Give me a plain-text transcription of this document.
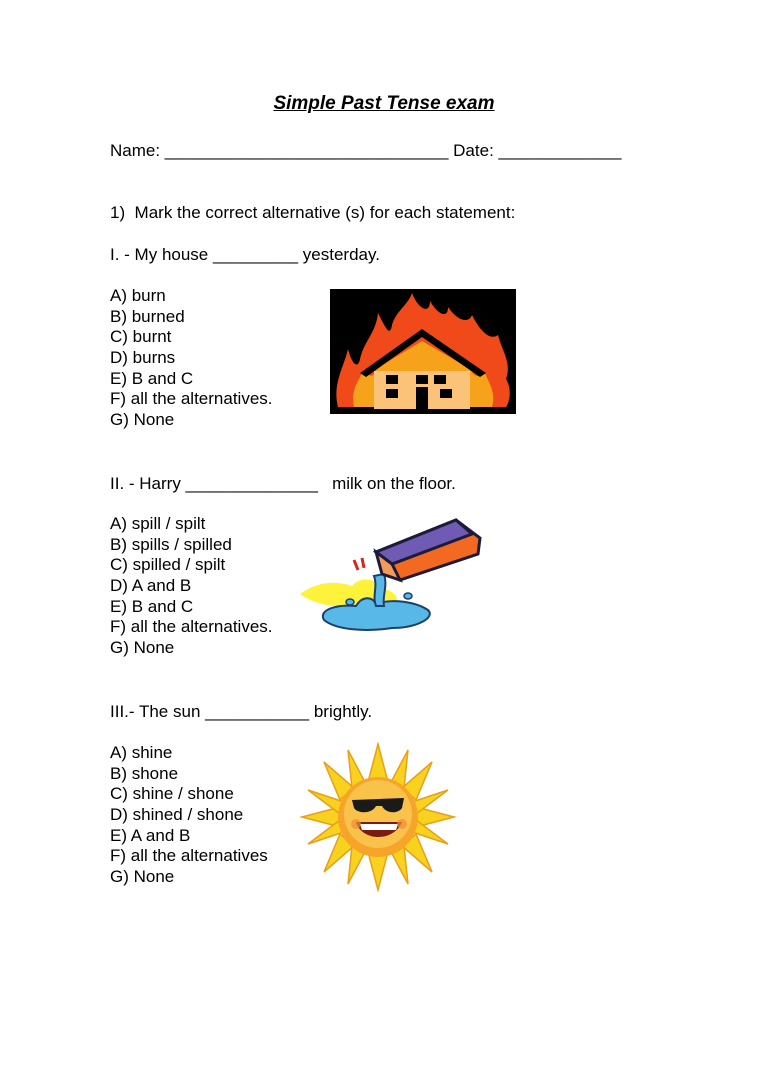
Simple Past Tense exam
Name: ______________________________ Date: _____________
1)  Mark the correct alternative (s) for each statement:
I. - My house _________ yesterday.
A) burn
B) burned
C) burnt
D) burns
E) B and C
F) all the alternatives.
G) None
II. - Harry ______________   milk on the floor.
A) spill / spilt
B) spills / spilled
C) spilled / spilt
D) A and B
E) B and C
F) all the alternatives.
G) None
III.- The sun ___________ brightly.
A) shine
B) shone
C) shine / shone
D) shined / shone
E) A and B
F) all the alternatives
G) None
